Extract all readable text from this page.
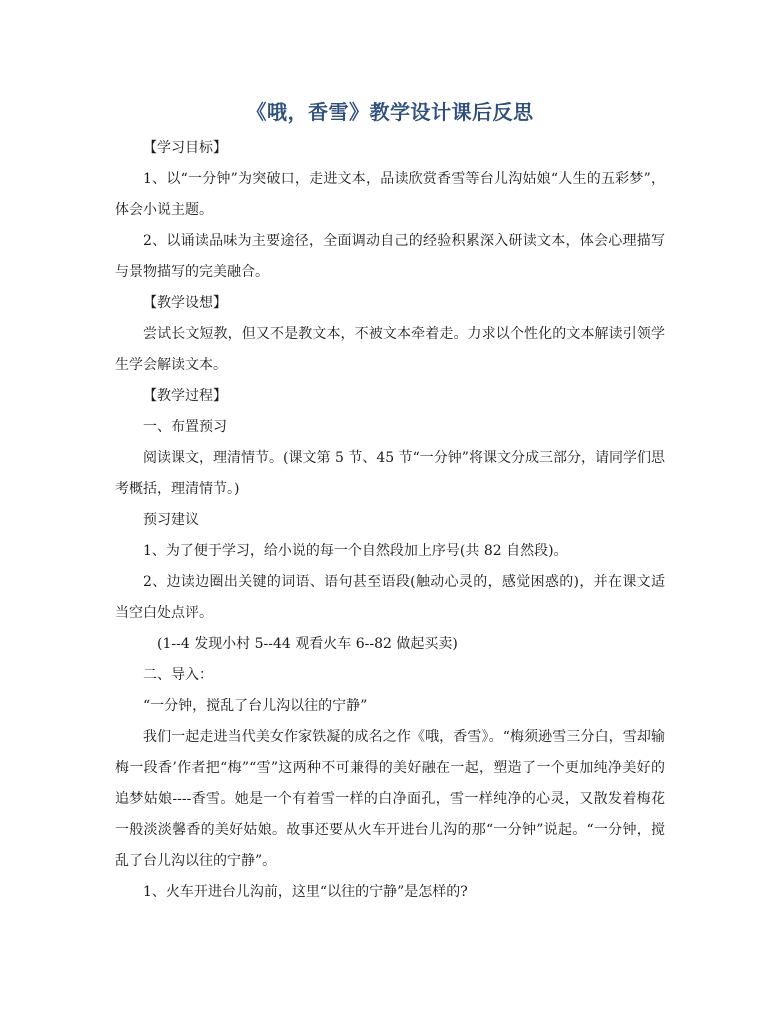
《哦，香雪》教学设计课后反思

【学习目标】

1、以“一分钟”为突破口，走进文本，品读欣赏香雪等台儿沟姑娘“人生的五彩梦”，体会小说主题。

2、以诵读品味为主要途径，全面调动自己的经验积累深入研读文本，体会心理描写与景物描写的完美融合。

【教学设想】

尝试长文短教，但又不是教文本，不被文本牵着走。力求以个性化的文本解读引领学生学会解读文本。

【教学过程】

一、布置预习

阅读课文，理清情节。(课文第 5 节、45 节“一分钟”将课文分成三部分，请同学们思考概括，理清情节。)

预习建议

1、为了便于学习，给小说的每一个自然段加上序号(共 82 自然段)。

2、边读边圈出关键的词语、语句甚至语段(触动心灵的，感觉困惑的)，并在课文适当空白处点评。

(1--4 发现小村 5--44 观看火车 6--82 做起买卖)

二、导入：

“一分钟，搅乱了台儿沟以往的宁静”

我们一起走进当代美女作家铁凝的成名之作《哦，香雪》。“梅须逊雪三分白，雪却输梅一段香’作者把“梅”“雪”这两种不可兼得的美好融在一起，塑造了一个更加纯净美好的追梦姑娘----香雪。她是一个有着雪一样的白净面孔，雪一样纯净的心灵，又散发着梅花一般淡淡馨香的美好姑娘。故事还要从火车开进台儿沟的那“一分钟”说起。“一分钟，搅乱了台儿沟以往的宁静”。

1、火车开进台儿沟前，这里“以往的宁静”是怎样的?
